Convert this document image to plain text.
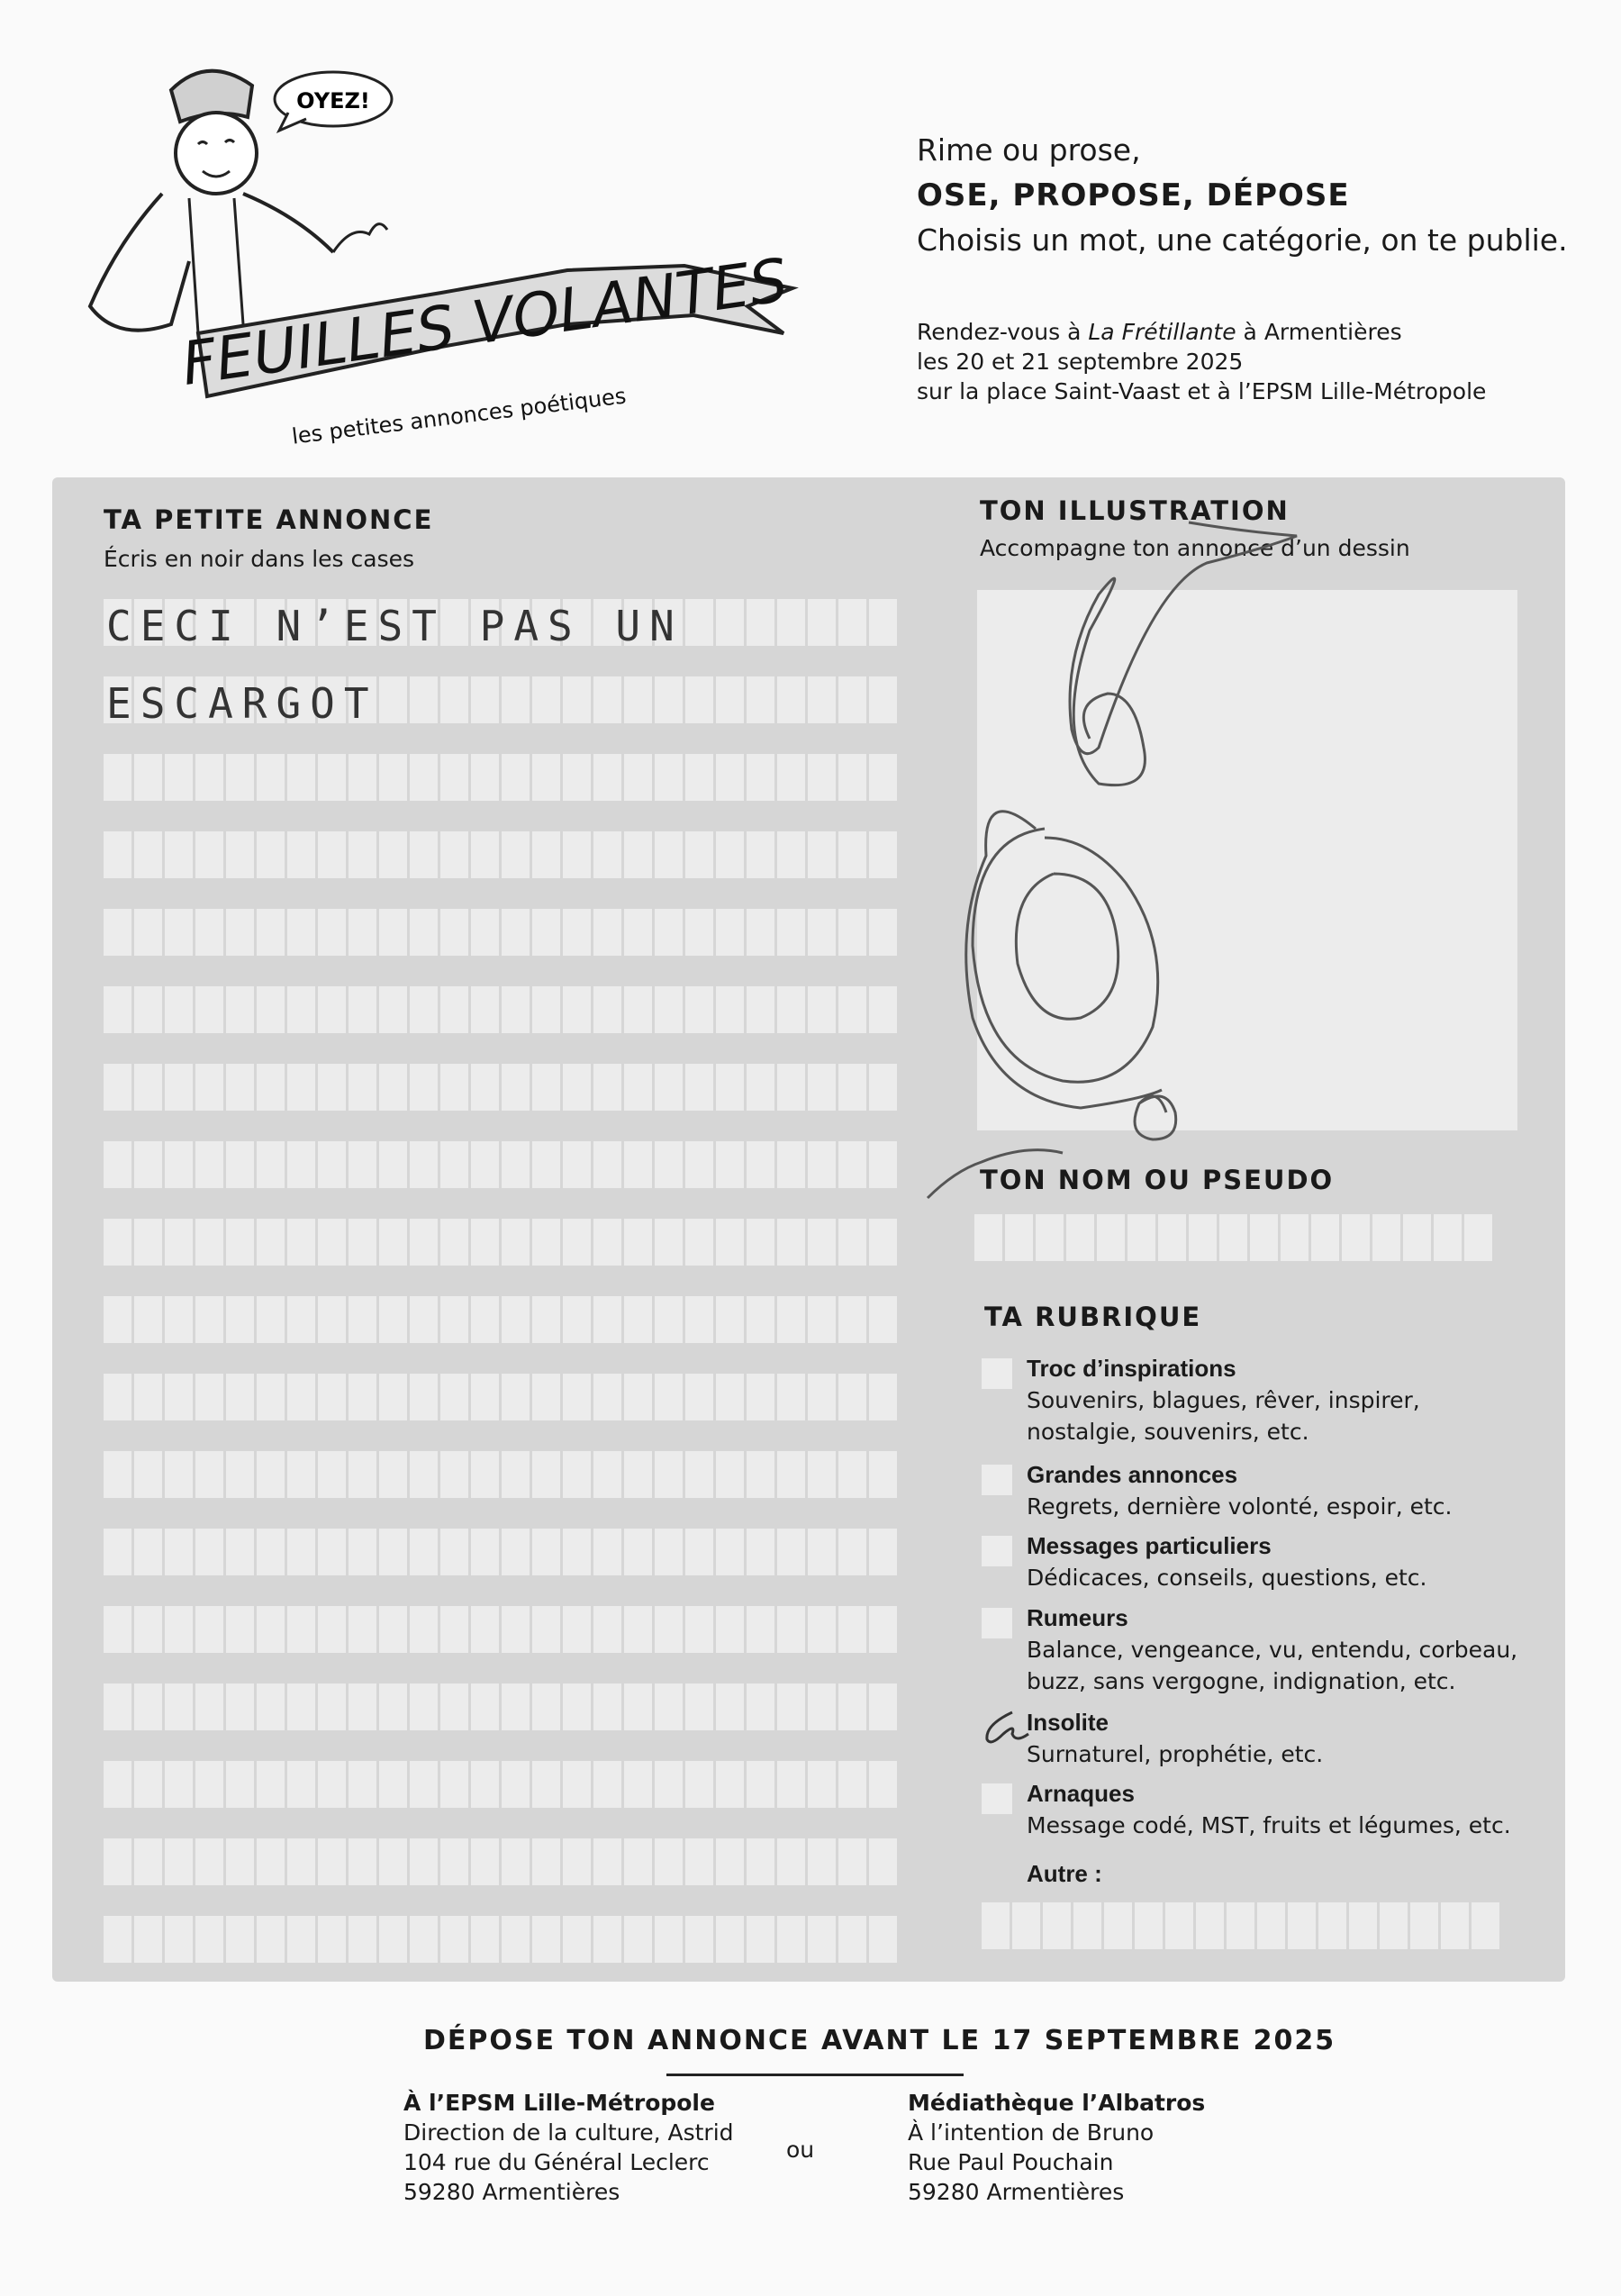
OYEZ!
FEUILLES VOLANTES
les petites annonces poétiques
Rime ou prose,
OSE, PROPOSE, DÉPOSE
Choisis un mot, une catégorie, on te publie.
Rendez-vous à La Frétillante à Armentières
les 20 et 21 septembre 2025
sur la place Saint-Vaast et à l’EPSM Lille-Métropole
TA PETITE ANNONCE
Écris en noir dans les cases
CECI N’EST PAS UN
ESCARGOT
TON ILLUSTRATION
Accompagne ton annonce d’un dessin
TON NOM OU PSEUDO
TA RUBRIQUE
Troc d’inspirations
Souvenirs, blagues, rêver, inspirer, nostalgie, souvenirs, etc.
Grandes annonces
Regrets, dernière volonté, espoir, etc.
Messages particuliers
Dédicaces, conseils, questions, etc.
Rumeurs
Balance, vengeance, vu, entendu, corbeau, buzz, sans vergogne, indignation, etc.
Insolite
Surnaturel, prophétie, etc.
Arnaques
Message codé, MST, fruits et légumes, etc.
Autre :
DÉPOSE TON ANNONCE AVANT LE 17 SEPTEMBRE 2025
À l’EPSM Lille-Métropole
Direction de la culture, Astrid
104 rue du Général Leclerc
59280 Armentières
ou
Médiathèque l’Albatros
À l’intention de Bruno
Rue Paul Pouchain
59280 Armentières
